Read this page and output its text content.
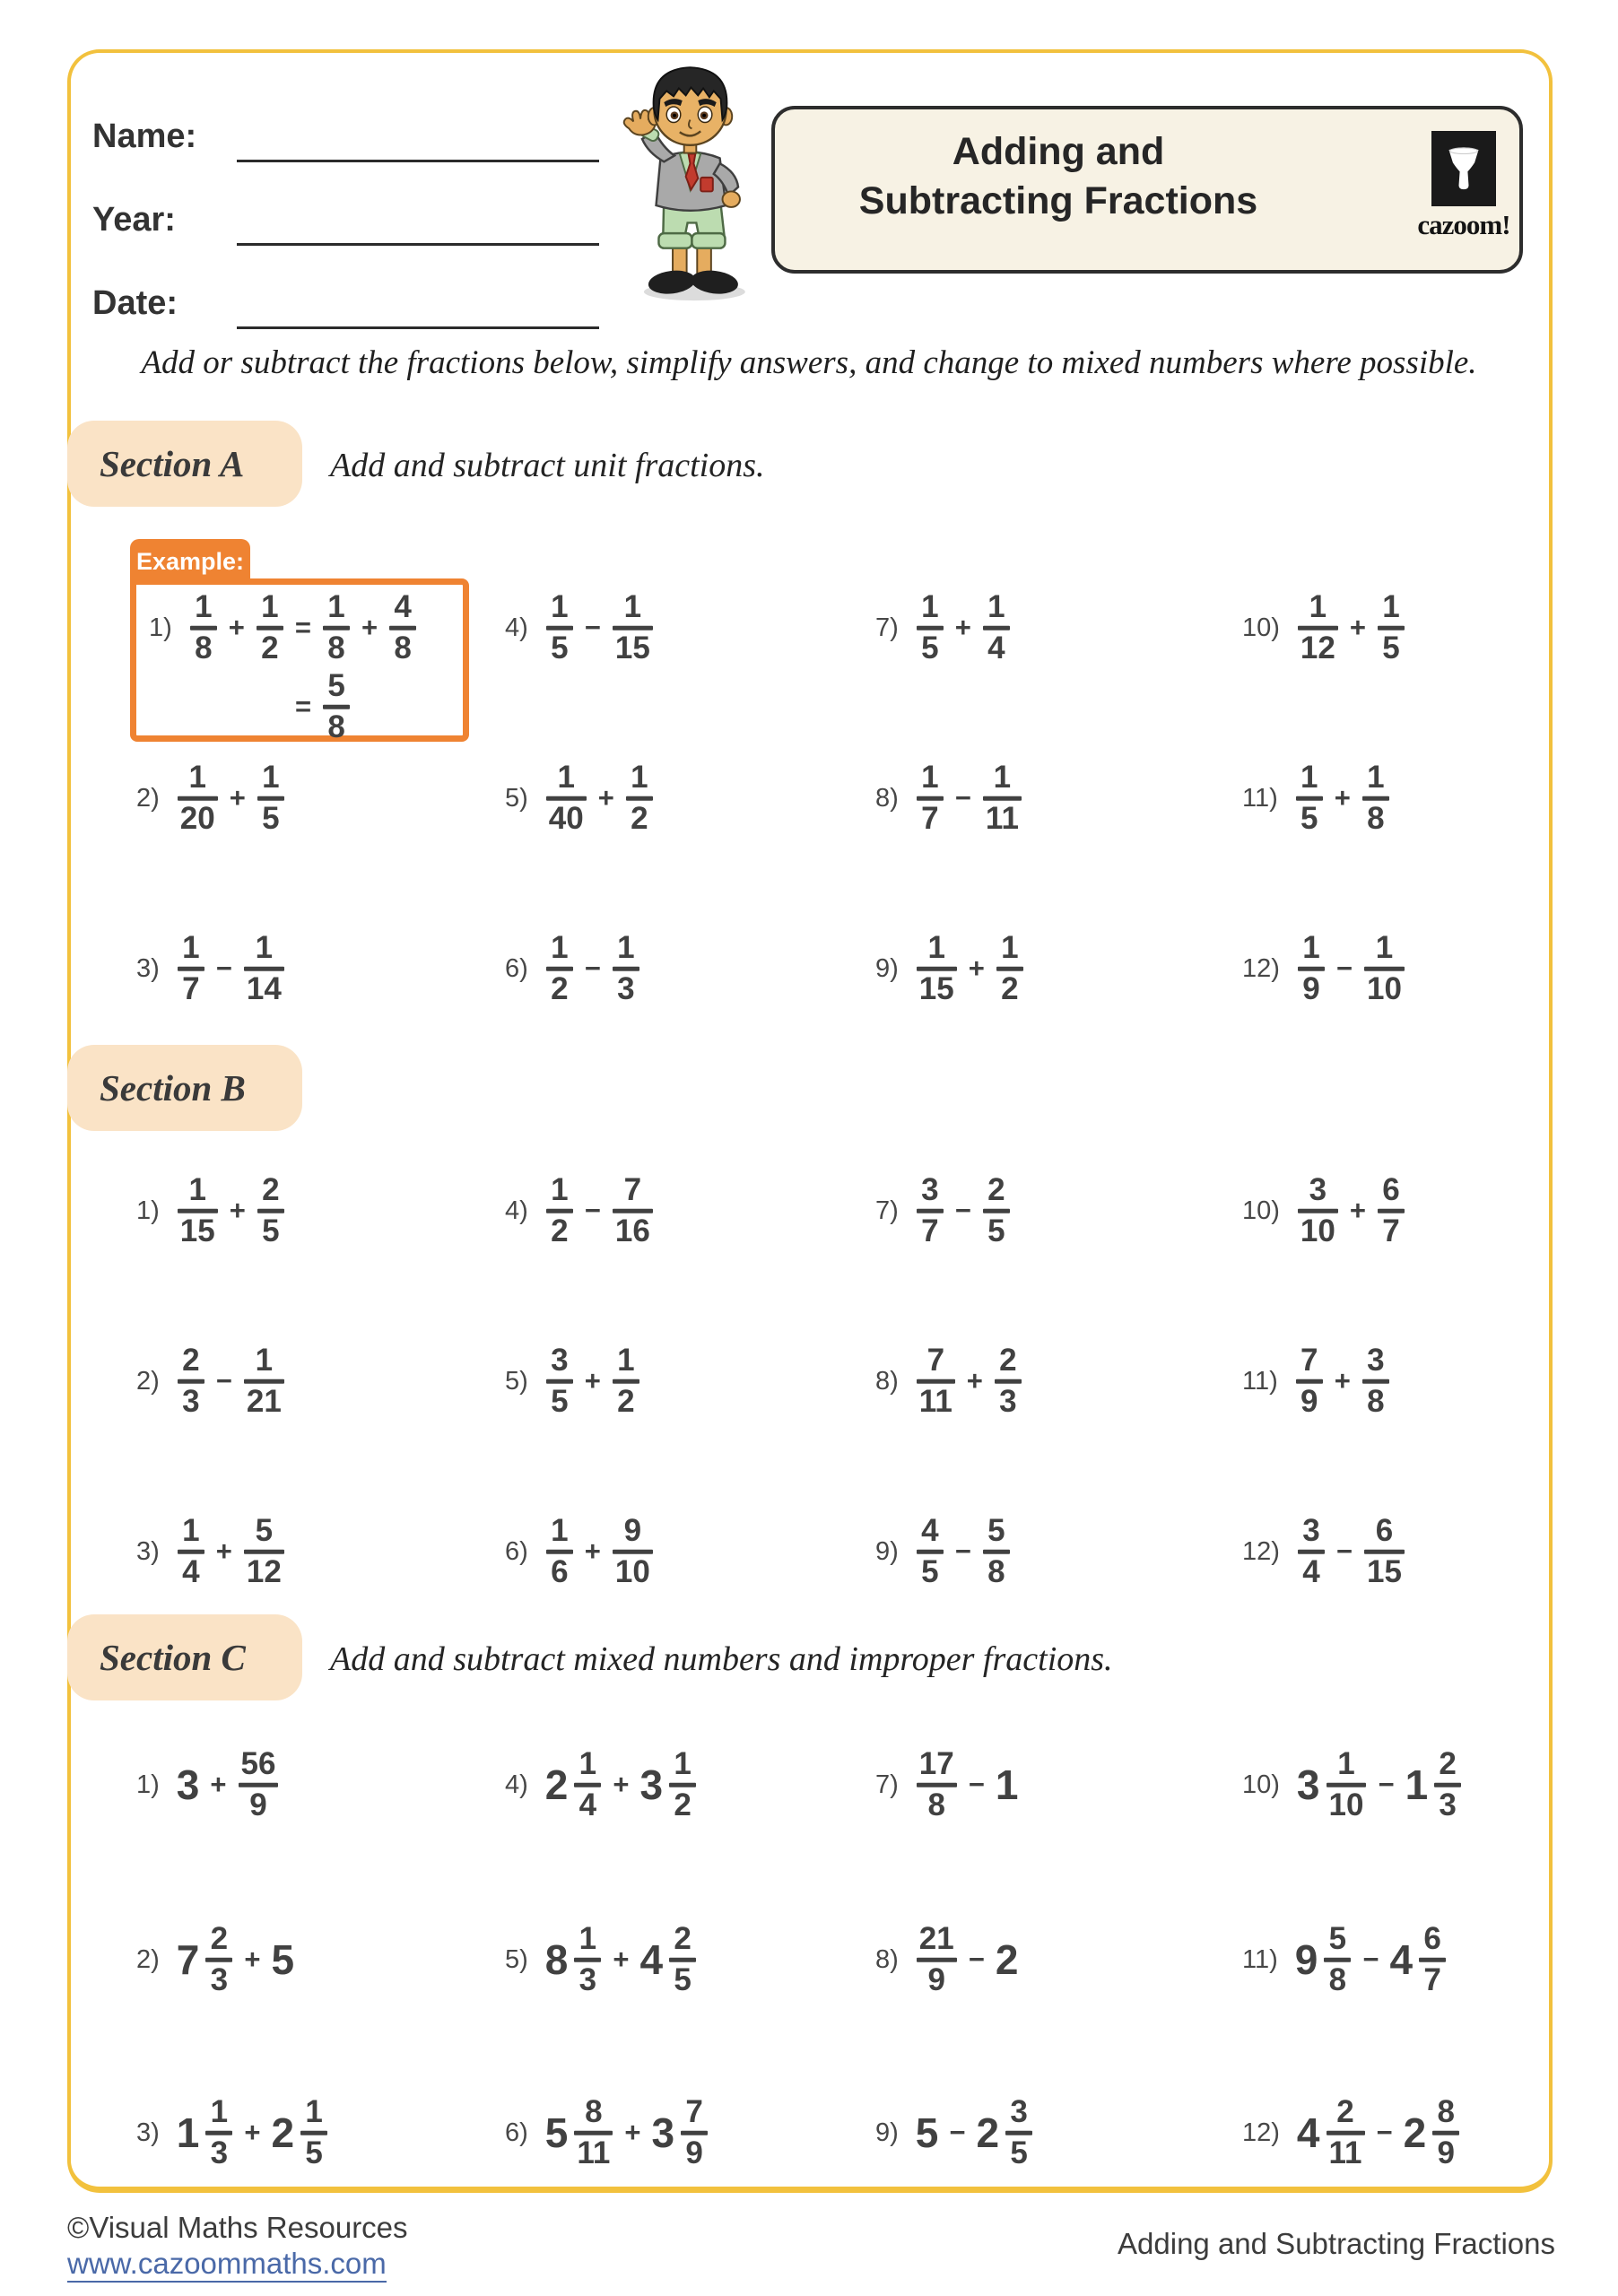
Name:
Year:
Date:
Adding and
Subtracting Fractions
cazoom!
Add or subtract the fractions below, simplify answers, and change to mixed numbers where possible.
Section A	Add and subtract unit fractions.
Section B
Section C Add and subtract mixed numbers and improper fractions.
Example:
4)
1
5
−
1
15
7)
1
5
+
1
4
10)
1
12
+
1
5
2)
1
20
+
1
5
5)
1
40
+
1
2
8)
1
7
−
1
11
11)
1
5
+
1
8
3)
1
7
−
1
14
6)
1
2
−
1
3
9)
1
15
+
1
2
12)
1
9
−
1
10
1)
1
15
+
2
5
4)
1
2
−
7
16
7)
3
7
−
2
5
10)
3
10
+
6
7
2)
2
3
−
1
21
5)
3
5
+
1
2
8)
7
11
+
2
3
11)
7
9
+
3
8
3)
1
4
+
5
12
6)
1
6
+
9
10
9)
4
5
−
5
8
12)
3
4
−
6
15
1) 3 +
56
9
4) 2 1
4
+ 3 1
2
7)
17
8
− 1	10) 3 1
10
− 1 2
3
2) 7 2
3
+ 5	5) 8 1
3
+ 4 2
5
8)
21
9
− 2	11) 9 5
8
− 4 6
7
3) 1 1
3
+ 2 1
5
6) 5 8
11
+ 3 7
9
9) 5 − 2 3
5
12) 4 2
11
− 2 8
9
1)
1
8
+
1
2
=
1
8
+
4
8
=
5
8
©Visual Maths Resources
www.cazoommaths.com
Adding and Subtracting Fractions
